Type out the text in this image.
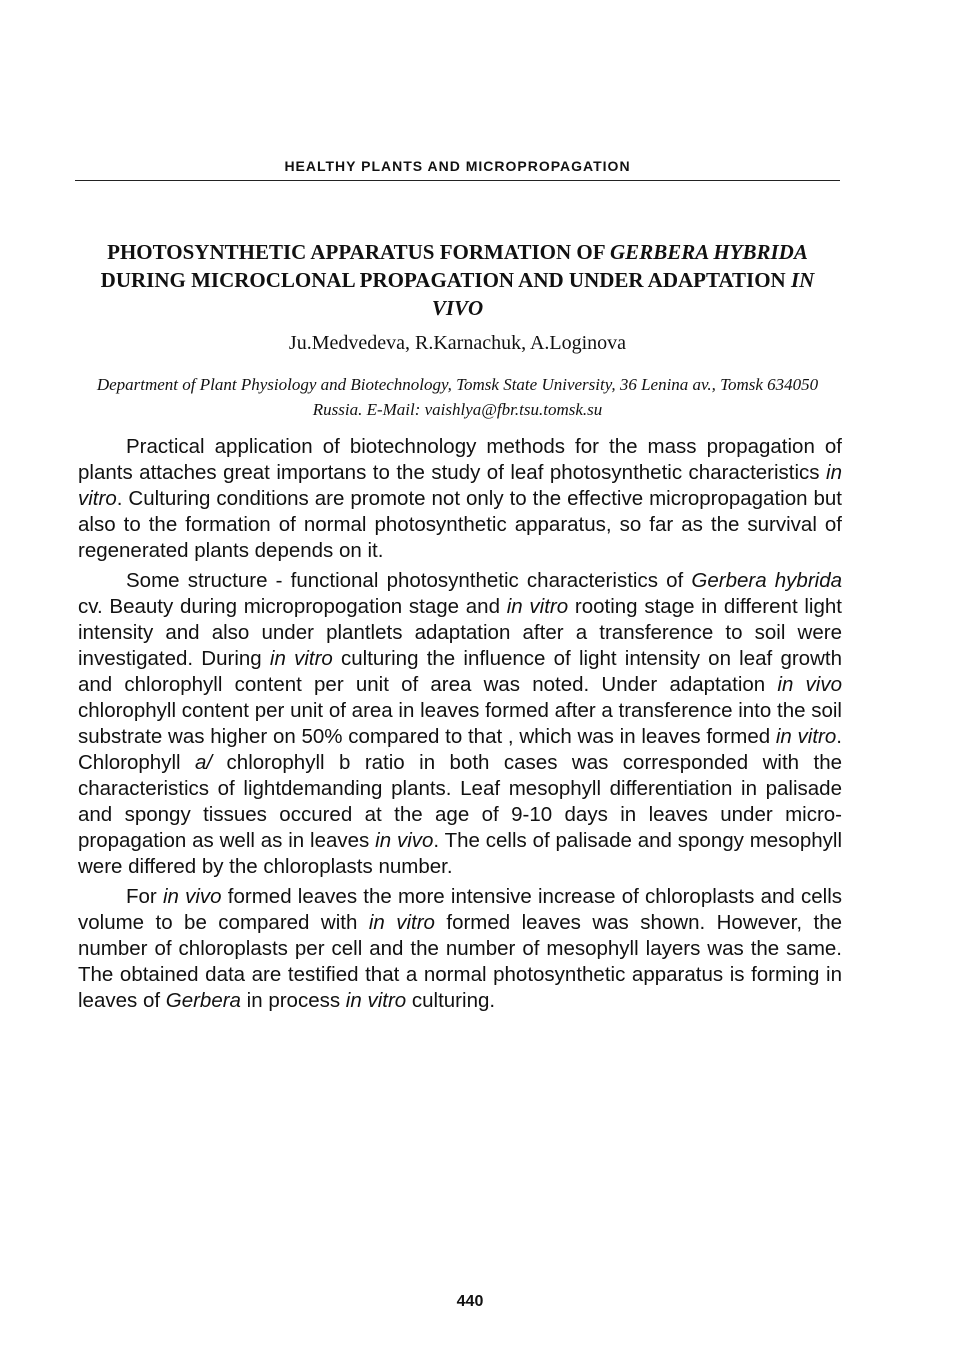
HEALTHY PLANTS AND MICROPROPAGATION
PHOTOSYNTHETIC APPARATUS FORMATION OF GERBERA HYBRIDA DURING MICROCLONAL PROPAGATION AND UNDER ADAPTATION IN VIVO
Ju.Medvedeva, R.Karnachuk, A.Loginova
Department of Plant Physiology and Biotechnology, Tomsk State University, 36 Lenina av., Tomsk 634050 Russia. E-Mail: vaishlya@fbr.tsu.tomsk.su

Practical application of biotechnology methods for the mass propagation of plants attaches great importans to the study of leaf photosynthetic characteristics in vitro. Culturing conditions are promote not only to the effective micropropagation but also to the formation of normal photosynthetic apparatus, so far as the survival of regenerated plants depends on it.

Some structure - functional photosynthetic characteristics of Gerbera hybrida cv. Beauty during micropropogation stage and in vitro rooting stage in different light intensity and also under plantlets adaptation after a transference to soil were investigated. During in vitro culturing the influence of light intensity on leaf growth and chlorophyll content per unit of area was noted. Under adaptation in vivo chlorophyll content per unit of area in leaves formed after a transference into the soil substrate was higher on 50% compared to that , which was in leaves formed in vitro. Chlorophyll a/ chlorophyll b ratio in both cases was corresponded with the characteristics of lightdemanding plants. Leaf mesophyll differentiation in palisade and spongy tissues occured at the age of 9-10 days in leaves under micro-propagation as well as in leaves in vivo. The cells of palisade and spongy mesophyll were differed by the chloroplasts number.

For in vivo formed leaves the more intensive increase of chloroplasts and cells volume to be compared with in vitro formed leaves was shown. However, the number of chloroplasts per cell and the number of mesophyll layers was the same. The obtained data are testified that a normal photosynthetic apparatus is forming in leaves of Gerbera in process in vitro culturing.

440
